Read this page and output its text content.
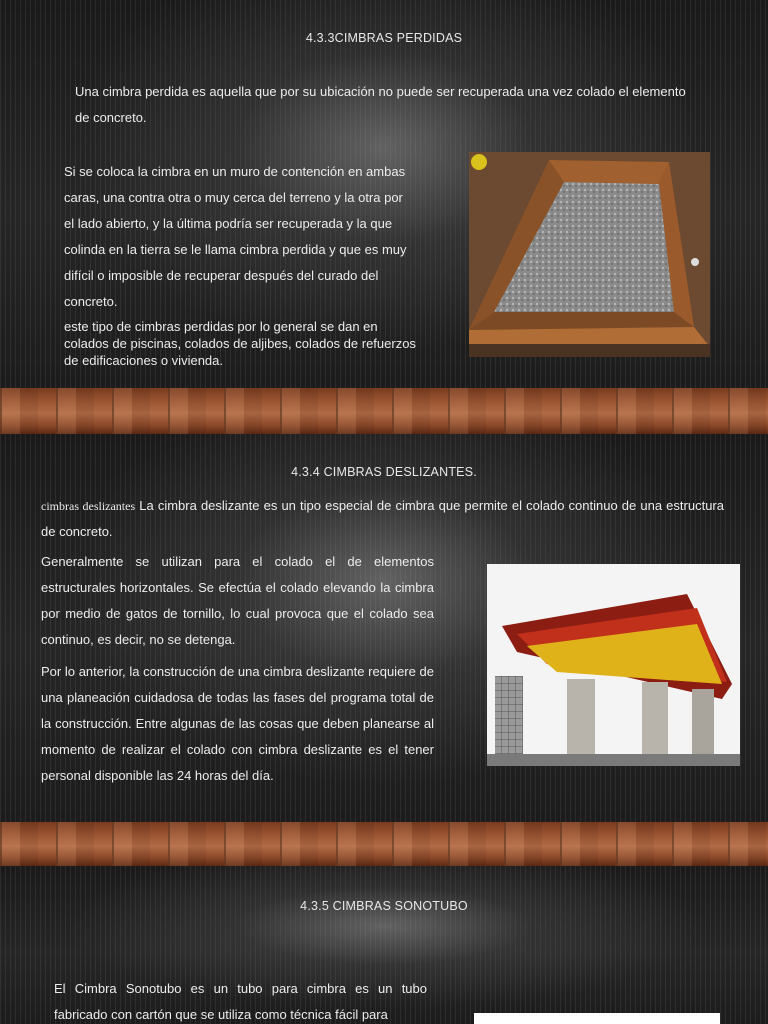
4.3.3CIMBRAS PERDIDAS
Una cimbra perdida es aquella que por su ubicación no puede ser recuperada una vez colado el elemento de concreto.
Si se coloca la cimbra en un muro de contención en ambas caras, una contra otra o muy cerca del terreno y la otra por el lado abierto, y la última podría ser recuperada y la que colinda en la tierra se le llama cimbra perdida y que es muy difícil o imposible de recuperar después del curado del concreto.
este tipo de cimbras perdidas por lo general se dan en colados de piscinas, colados de aljibes, colados de refuerzos de edificaciones o vivienda.
4.3.4 CIMBRAS DESLIZANTES.
cimbras deslizantes La cimbra deslizante es un tipo especial de cimbra que permite el colado continuo de una estructura de concreto.
Generalmente se utilizan para el colado el de elementos estructurales horizontales. Se efectúa el colado elevando la cimbra por medio de gatos de tornillo, lo cual provoca que el colado sea continuo, es decir, no se detenga.
Por lo anterior, la construcción de una cimbra deslizante requiere de una planeación cuidadosa de todas las fases del programa total de la construcción. Entre algunas de las cosas que deben planearse al momento de realizar el colado con cimbra deslizante es el tener personal disponible las 24 horas del día.
4.3.5 CIMBRAS SONOTUBO
El Cimbra Sonotubo es un tubo para cimbra es un tubo fabricado con cartón que se utiliza como técnica fácil para
